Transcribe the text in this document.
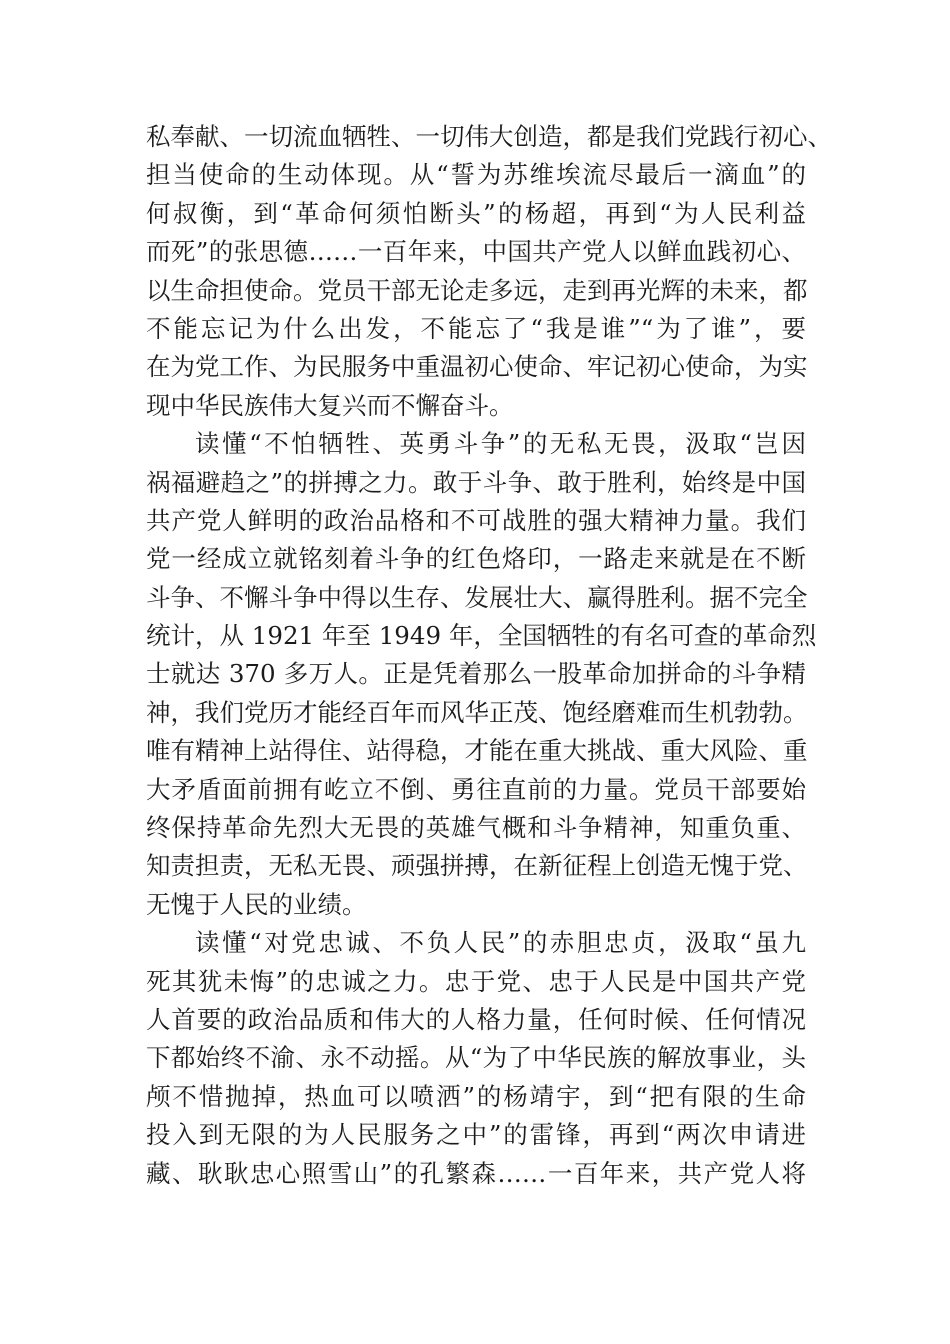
私奉献、一切流血牺牲、一切伟大创造，都是我们党践行初心、
担当使命的生动体现。从“誓为苏维埃流尽最后一滴血”的
何叔衡，到“革命何须怕断头”的杨超，再到“为人民利益
而死”的张思德……一百年来，中国共产党人以鲜血践初心、
以生命担使命。党员干部无论走多远，走到再光辉的未来，都
不能忘记为什么出发，不能忘了“我是谁”“为了谁”，要
在为党工作、为民服务中重温初心使命、牢记初心使命，为实
现中华民族伟大复兴而不懈奋斗。
读懂“不怕牺牲、英勇斗争”的无私无畏，汲取“岂因
祸福避趋之”的拼搏之力。敢于斗争、敢于胜利，始终是中国
共产党人鲜明的政治品格和不可战胜的强大精神力量。我们
党一经成立就铭刻着斗争的红色烙印，一路走来就是在不断
斗争、不懈斗争中得以生存、发展壮大、赢得胜利。据不完全
统计，从 1921 年至 1949 年，全国牺牲的有名可查的革命烈
士就达 370 多万人。正是凭着那么一股革命加拼命的斗争精
神，我们党历才能经百年而风华正茂、饱经磨难而生机勃勃。
唯有精神上站得住、站得稳，才能在重大挑战、重大风险、重
大矛盾面前拥有屹立不倒、勇往直前的力量。党员干部要始
终保持革命先烈大无畏的英雄气概和斗争精神，知重负重、
知责担责，无私无畏、顽强拼搏，在新征程上创造无愧于党、
无愧于人民的业绩。
读懂“对党忠诚、不负人民”的赤胆忠贞，汲取“虽九
死其犹未悔”的忠诚之力。忠于党、忠于人民是中国共产党
人首要的政治品质和伟大的人格力量，任何时候、任何情况
下都始终不渝、永不动摇。从“为了中华民族的解放事业，头
颅不惜抛掉，热血可以喷洒”的杨靖宇，到“把有限的生命
投入到无限的为人民服务之中”的雷锋，再到“两次申请进
藏、耿耿忠心照雪山”的孔繁森……一百年来，共产党人将
